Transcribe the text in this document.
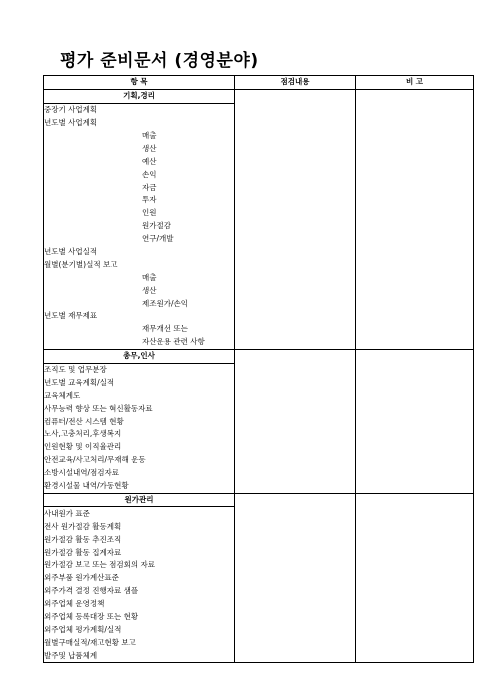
평가 준비문서 (경영분야)
항 목	점검내용	비 고
기획,경리		
중장기 사업계획		
년도별 사업계획		
매출		
생산		
예산		
손익		
자금		
투자		
인원		
원가절감		
연구/개발		
년도별 사업실적		
월별(분기별)실적 보고		
매출		
생산		
제조원가/손익		
년도별 재무제표		
재무개선 또는		
자산운용 관련 사항		
총무,인사		
조직도 및 업무분장		
년도별 교육계획/실적		
교육체계도		
사무능력 향상 또는 혁신활동자료		
컴퓨터/전산 시스템 현황		
노사,고충처리,후생복지		
인원현황 및 이직율관리		
안전교육/사고처리/무재해 운동		
소방시설내역/점검자료		
환경시설물 내역/가동현황		
원가관리		
사내원가 표준		
전사 원가절감 활동계획		
원가절감 활동 추진조직		
원가절감 활동 집계자료		
원가절감 보고 또는 점검회의 자료		
외주부품 원가계산표준		
외주가격 결정 진행자료 샘플		
외주업체 운영정책		
외주업체 등록대장 또는 현황		
외주업체 평가계획/실적		
월별구매실적/재고현황 보고		
발주및 납품체계		
